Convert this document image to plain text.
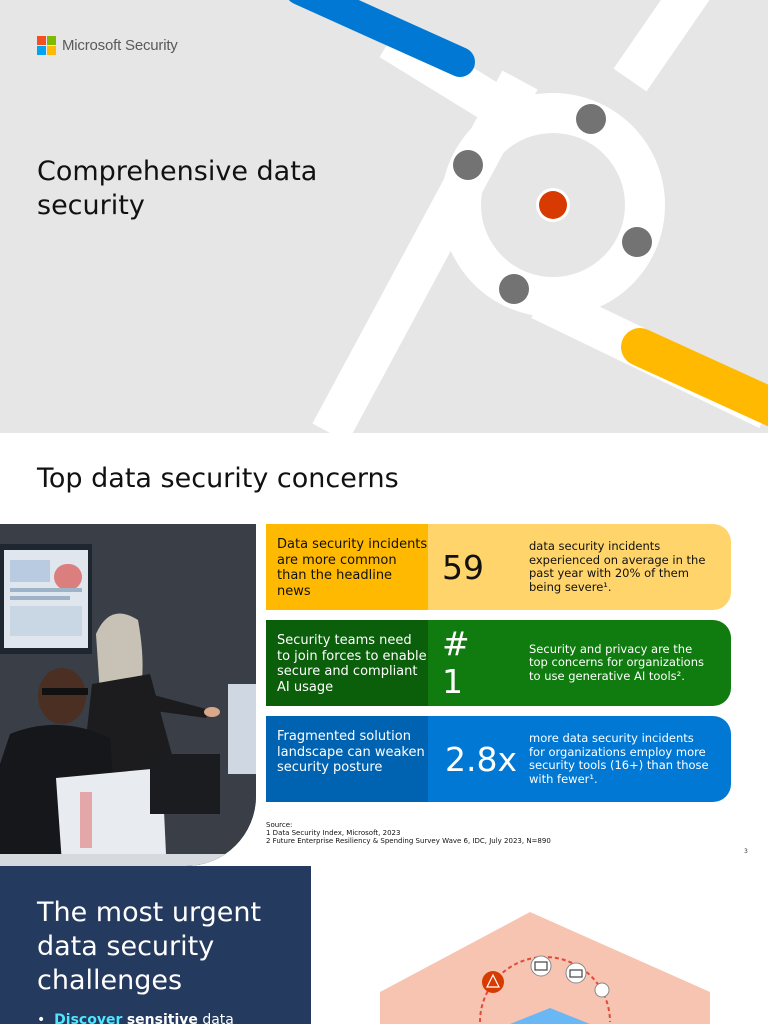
Microsoft Security
Comprehensive data security
Top data security concerns
Data security incidents are more common than the headline news
59
data security incidents experienced on average in the past year with 20% of them being severe¹.
Security teams need to join forces to enable secure and compliant AI usage
#1
Security and privacy are the top concerns for organizations to use generative AI tools².
Fragmented solution landscape can weaken security posture	2.8x
more data security incidents for organizations employ more security tools (16+) than those with fewer¹.
Source:
1 Data Security Index, Microsoft, 2023
2 Future Enterprise Resiliency & Spending Survey Wave 6, IDC, July 2023, N=890
3
The most urgent data security challenges
•  Discover sensitive data
